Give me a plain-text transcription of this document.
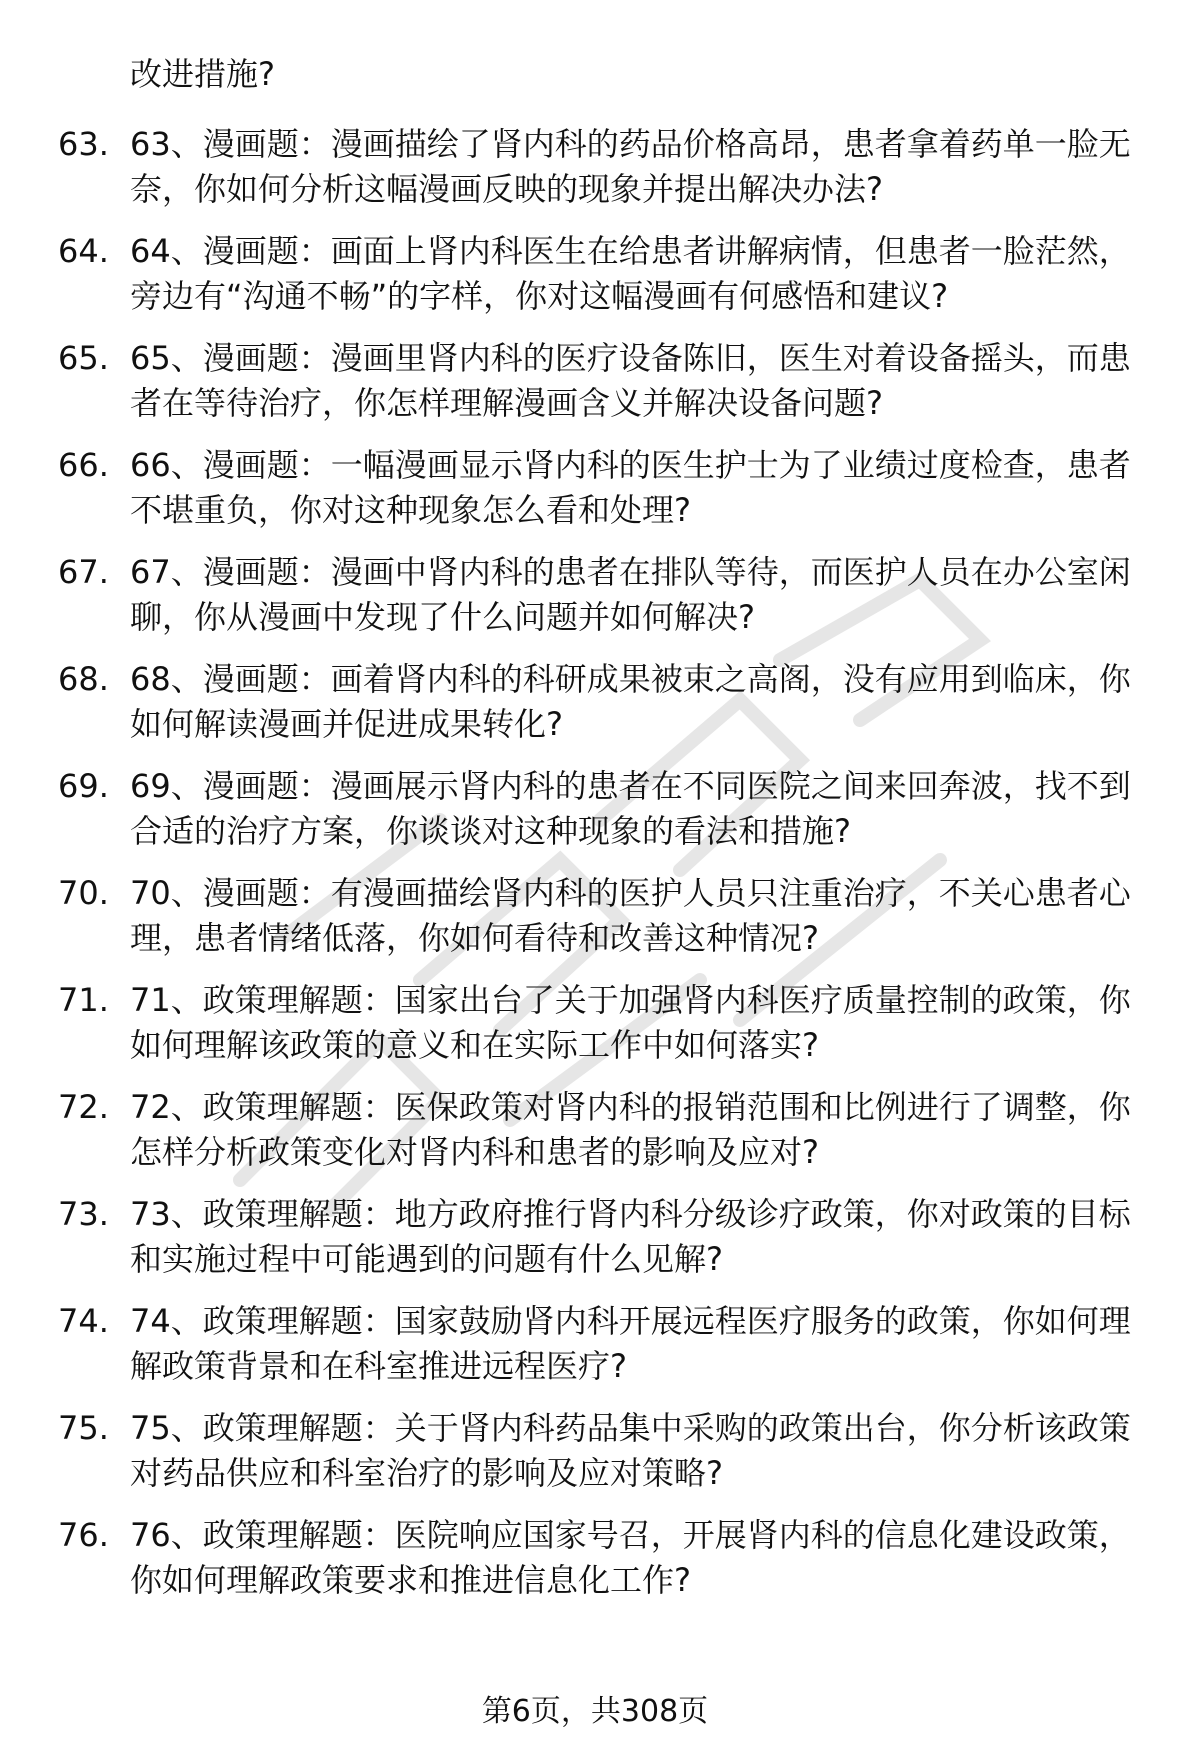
改进措施?
63. 63、漫画题：漫画描绘了肾内科的药品价格高昂，患者拿着药单一脸无奈，你如何分析这幅漫画反映的现象并提出解决办法?
64. 64、漫画题：画面上肾内科医生在给患者讲解病情，但患者一脸茫然，旁边有“沟通不畅”的字样，你对这幅漫画有何感悟和建议?
65. 65、漫画题：漫画里肾内科的医疗设备陈旧，医生对着设备摇头，而患者在等待治疗，你怎样理解漫画含义并解决设备问题?
66. 66、漫画题：一幅漫画显示肾内科的医生护士为了业绩过度检查，患者不堪重负，你对这种现象怎么看和处理?
67. 67、漫画题：漫画中肾内科的患者在排队等待，而医护人员在办公室闲聊，你从漫画中发现了什么问题并如何解决?
68. 68、漫画题：画着肾内科的科研成果被束之高阁，没有应用到临床，你如何解读漫画并促进成果转化?
69. 69、漫画题：漫画展示肾内科的患者在不同医院之间来回奔波，找不到合适的治疗方案，你谈谈对这种现象的看法和措施?
70. 70、漫画题：有漫画描绘肾内科的医护人员只注重治疗，不关心患者心理，患者情绪低落，你如何看待和改善这种情况?
71. 71、政策理解题：国家出台了关于加强肾内科医疗质量控制的政策，你如何理解该政策的意义和在实际工作中如何落实?
72. 72、政策理解题：医保政策对肾内科的报销范围和比例进行了调整，你怎样分析政策变化对肾内科和患者的影响及应对?
73. 73、政策理解题：地方政府推行肾内科分级诊疗政策，你对政策的目标和实施过程中可能遇到的问题有什么见解?
74. 74、政策理解题：国家鼓励肾内科开展远程医疗服务的政策，你如何理解政策背景和在科室推进远程医疗?
75. 75、政策理解题：关于肾内科药品集中采购的政策出台，你分析该政策对药品供应和科室治疗的影响及应对策略?
76. 76、政策理解题：医院响应国家号召，开展肾内科的信息化建设政策，你如何理解政策要求和推进信息化工作?
第6页，共308页
